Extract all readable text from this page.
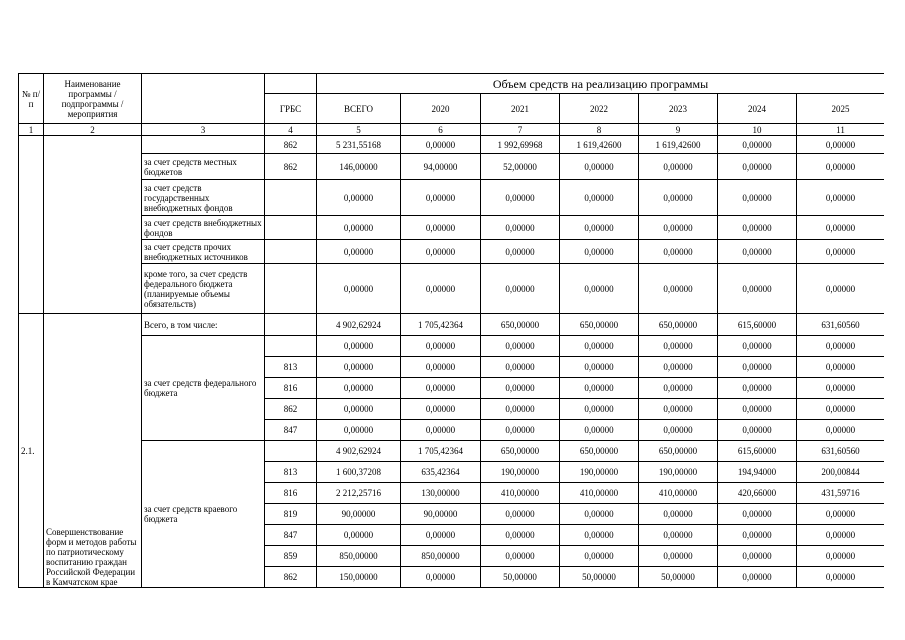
№ п/п	Наименование программы / подпрограммы / мероприятия			Объем средств на реализацию программы						
			ГРБС	ВСЕГО	2020	2021	2022	2023	2024	2025
1	2	3	4	5	6	7	8	9	10	11
			862	5 231,55168	0,00000	1 992,69968	1 619,42600	1 619,42600	0,00000	0,00000
		за счет средств местных бюджетов	862	146,00000	94,00000	52,00000	0,00000	0,00000	0,00000	0,00000
		за счет средств государственных внебюджетных фондов		0,00000	0,00000	0,00000	0,00000	0,00000	0,00000	0,00000
		за счет средств внебюджетных фондов		0,00000	0,00000	0,00000	0,00000	0,00000	0,00000	0,00000
		за счет средств прочих внебюджетных источников		0,00000	0,00000	0,00000	0,00000	0,00000	0,00000	0,00000
		кроме того, за счет средств федерального бюджета (планируемые объемы обязательств)		0,00000	0,00000	0,00000	0,00000	0,00000	0,00000	0,00000
2.1.	Совершенствование форм и методов работы по патриотическому воспитанию граждан Российской Федерации в Камчатском крае	Всего, в том числе:		4 902,62924	1 705,42364	650,00000	650,00000	650,00000	615,60000	631,60560
		за счет средств федерального бюджета		0,00000	0,00000	0,00000	0,00000	0,00000	0,00000	0,00000
			813	0,00000	0,00000	0,00000	0,00000	0,00000	0,00000	0,00000
			816	0,00000	0,00000	0,00000	0,00000	0,00000	0,00000	0,00000
			862	0,00000	0,00000	0,00000	0,00000	0,00000	0,00000	0,00000
			847	0,00000	0,00000	0,00000	0,00000	0,00000	0,00000	0,00000
		за счет средств краевого бюджета		4 902,62924	1 705,42364	650,00000	650,00000	650,00000	615,60000	631,60560
			813	1 600,37208	635,42364	190,00000	190,00000	190,00000	194,94000	200,00844
			816	2 212,25716	130,00000	410,00000	410,00000	410,00000	420,66000	431,59716
			819	90,00000	90,00000	0,00000	0,00000	0,00000	0,00000	0,00000
			847	0,00000	0,00000	0,00000	0,00000	0,00000	0,00000	0,00000
			859	850,00000	850,00000	0,00000	0,00000	0,00000	0,00000	0,00000
			862	150,00000	0,00000	50,00000	50,00000	50,00000	0,00000	0,00000
